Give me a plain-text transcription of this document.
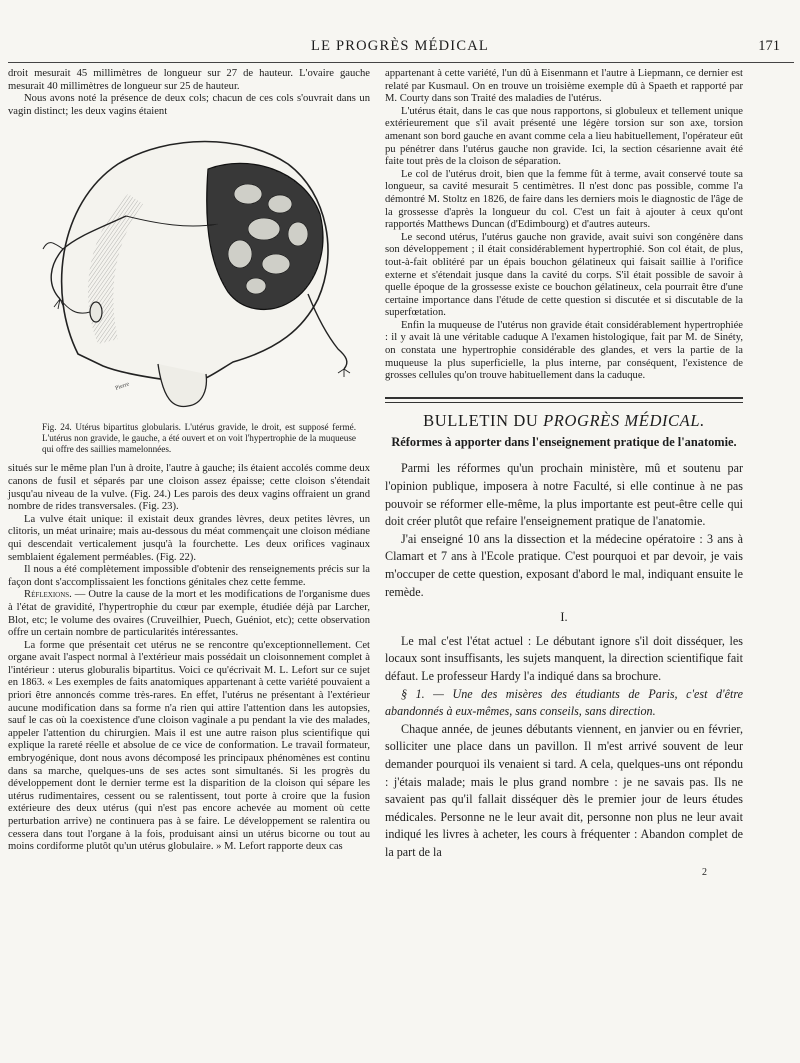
LE PROGRÈS MÉDICAL	171

droit mesurait 45 millimètres de longueur sur 27 de hauteur. L'ovaire gauche mesurait 40 millimètres de longueur sur 25 de hauteur.

Nous avons noté la présence de deux cols; chacun de ces cols s'ouvrait dans un vagin distinct; les deux vagins étaient

Pierre
Fig. 24. Utérus bipartitus globularis. L'utérus gravide, le droit, est supposé fermé. L'utérus non gravide, le gauche, a été ouvert et on voit l'hypertrophie de la muqueuse qui offre des saillies mamelonnées.

situés sur le même plan l'un à droite, l'autre à gauche; ils étaient accolés comme deux canons de fusil et séparés par une cloison assez épaisse; cette cloison s'étendait jusqu'au niveau de la vulve. (Fig. 24.) Les parois des deux vagins offraient un grand nombre de rides transversales. (Fig. 23).

La vulve était unique: il existait deux grandes lèvres, deux petites lèvres, un clitoris, un méat urinaire; mais au-dessous du méat commençait une cloison médiane qui descendait verticalement jusqu'à la fourchette. Les deux orifices vaginaux semblaient également perméables. (Fig. 22).

Il nous a été complètement impossible d'obtenir des renseignements précis sur la façon dont s'accomplissaient les fonctions génitales chez cette femme.

Réflexions. — Outre la cause de la mort et les modifications de l'organisme dues à l'état de gravidité, l'hypertrophie du cœur par exemple, étudiée déjà par Larcher, Blot, etc; le volume des ovaires (Cruveilhier, Puech, Guéniot, etc); cette observation offre un certain nombre de particularités intéressantes.

La forme que présentait cet utérus ne se rencontre qu'exceptionnellement. Cet organe avait l'aspect normal à l'extérieur mais possédait un cloisonnement complet à l'intérieur : uterus globuralis bipartitus. Voici ce qu'écrivait M. L. Lefort sur ce sujet en 1863. « Les exemples de faits anatomiques appartenant à cette variété pouvaient a priori être annoncés comme très-rares. En effet, l'utérus ne présentant à l'extérieur aucune modification dans sa forme n'a rien qui attire l'attention dans les autopsies, sauf le cas où la coexistence d'une cloison vaginale a pu pendant la vie des malades, appeler l'attention du chirurgien. Mais il est une autre raison plus scientifique qui explique la rareté réelle et absolue de ce vice de conformation. Le travail formateur, embryogénique, dont nous avons décomposé les principaux phénomènes est continu dans sa marche, quelques-uns de ses actes sont simultanés. Si les progrès du développement dont le dernier terme est la disparition de la cloison qui sépare les utérus rudimentaires, cessent ou se ralentissent, tout porte à croire que la fusion extérieure des deux utérus (qui n'est pas encore achevée au moment où cette perturbation arrive) ne continuera pas à se faire. Le développement se ralentira ou cessera dans tout l'organe à la fois, produisant ainsi un utérus bicorne ou tout au moins cordiforme plutôt qu'un utérus globulaire. » M. Lefort rapporte deux cas

appartenant à cette variété, l'un dû à Eisenmann et l'autre à Liepmann, ce dernier est relaté par Kusmaul. On en trouve un troisième exemple dû à Spaeth et rapporté par M. Courty dans son Traité des maladies de l'utérus.

L'utérus était, dans le cas que nous rapportons, si globuleux et tellement unique extérieurement que s'il avait présenté une légère torsion sur son axe, torsion amenant son bord gauche en avant comme cela a lieu habituellement, l'opérateur eût pu pénétrer dans l'utérus gauche non gravide. Ici, la section césarienne avait été faite tout près de la cloison de séparation.

Le col de l'utérus droit, bien que la femme fût à terme, avait conservé toute sa longueur, sa cavité mesurait 5 centimètres. Il n'est donc pas possible, comme l'a démontré M. Stoltz en 1826, de faire dans les derniers mois le diagnostic de l'âge de la grossesse d'après la longueur du col. C'est un fait à ajouter à ceux qu'ont rapportés Matthews Duncan (d'Edimbourg) et d'autres auteurs.

Le second utérus, l'utérus gauche non gravide, avait suivi son congénère dans son développement ; il était considérablement hypertrophié. Son col était, de plus, tout-à-fait oblitéré par un épais bouchon gélatineux qui faisait saillie à l'orifice externe et s'étendait jusque dans la cavité du corps. S'il était possible de savoir à quelle époque de la grossesse existe ce bouchon gélatineux, cela pourrait être d'une certaine importance dans l'étude de cette question si discutée et si discutable de la superfœtation.

Enfin la muqueuse de l'utérus non gravide était considérablement hypertrophiée : il y avait là une véritable caduque A l'examen histologique, fait par M. de Sinéty, on constata une hypertrophie considérable des glandes, et vers la partie de la muqueuse la plus superficielle, la plus interne, par conséquent, l'existence de grosses cellules qu'on trouve habituellement dans la caduque.

BULLETIN DU PROGRÈS MÉDICAL.
Réformes à apporter dans l'enseignement pratique de l'anatomie.

Parmi les réformes qu'un prochain ministère, mû et soutenu par l'opinion publique, imposera à notre Faculté, si elle continue à ne pas pouvoir se réformer elle-même, la plus importante est peut-être celle qui doit créer plutôt que refaire l'enseignement pratique de l'anatomie.

J'ai enseigné 10 ans la dissection et la médecine opératoire : 3 ans à Clamart et 7 ans à l'Ecole pratique. C'est pourquoi et par devoir, je vais m'occuper de cette question, exposant d'abord le mal, indiquant ensuite le remède.

I.

Le mal c'est l'état actuel : Le débutant ignore s'il doit disséquer, les locaux sont insuffisants, les sujets manquent, la direction scientifique fait défaut. Le professeur Hardy l'a indiqué dans sa brochure.

§ 1. — Une des misères des étudiants de Paris, c'est d'être abandonnés à eux-mêmes, sans conseils, sans direction.

Chaque année, de jeunes débutants viennent, en janvier ou en février, solliciter une place dans un pavillon. Il m'est arrivé souvent de leur demander pourquoi ils venaient si tard. A cela, quelques-uns ont répondu : j'étais malade; mais le plus grand nombre : je ne savais pas. Ils ne savaient pas qu'il fallait disséquer dès le premier jour de leurs études médicales. Personne ne le leur avait dit, personne non plus ne leur avait indiqué les livres à acheter, les cours à fréquenter : Abandon complet de la part de la

2
